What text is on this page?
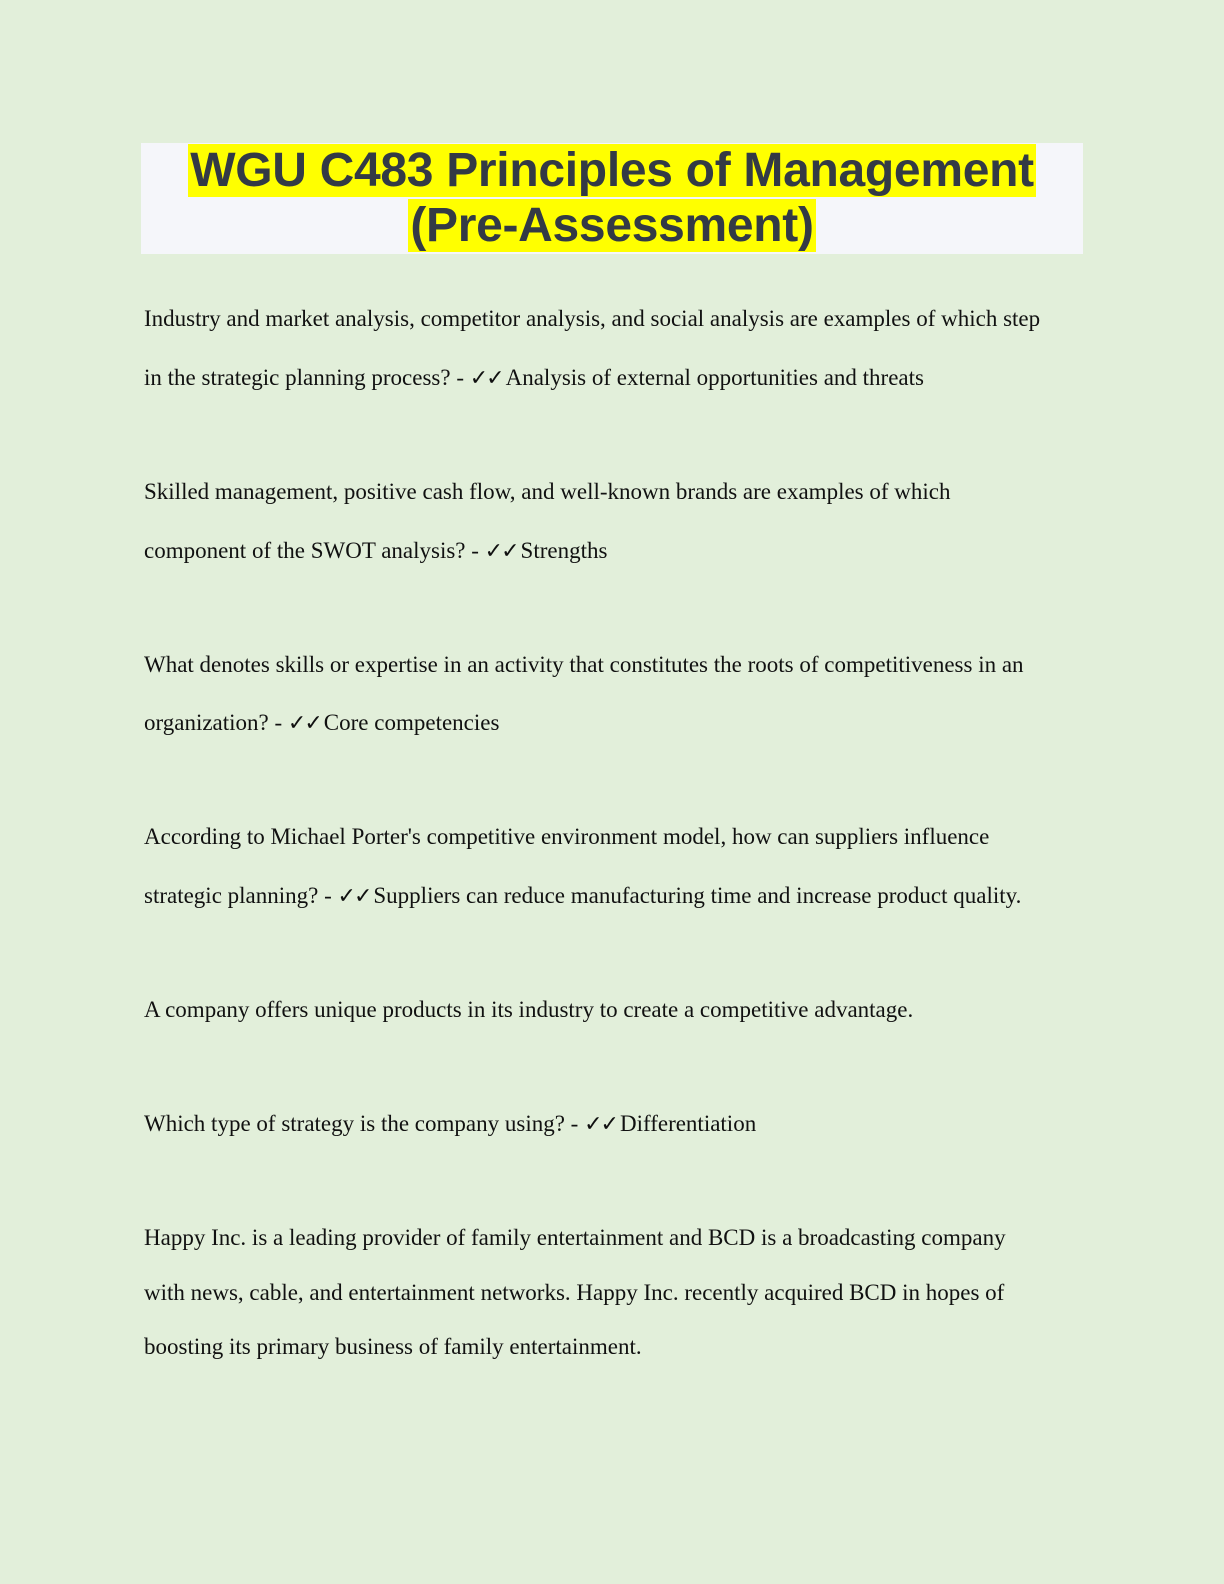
WGU C483 Principles of Management
(Pre-Assessment)
Industry and market analysis, competitor analysis, and social analysis are examples of which step
in the strategic planning process? - ✓✓ Analysis of external opportunities and threats
Skilled management, positive cash flow, and well-known brands are examples of which
component of the SWOT analysis? - ✓✓ Strengths
What denotes skills or expertise in an activity that constitutes the roots of competitiveness in an
organization? - ✓✓ Core competencies
According to Michael Porter's competitive environment model, how can suppliers influence
strategic planning? - ✓✓ Suppliers can reduce manufacturing time and increase product quality.
A company offers unique products in its industry to create a competitive advantage.
Which type of strategy is the company using? - ✓✓ Differentiation
Happy Inc. is a leading provider of family entertainment and BCD is a broadcasting company
with news, cable, and entertainment networks. Happy Inc. recently acquired BCD in hopes of
boosting its primary business of family entertainment.
